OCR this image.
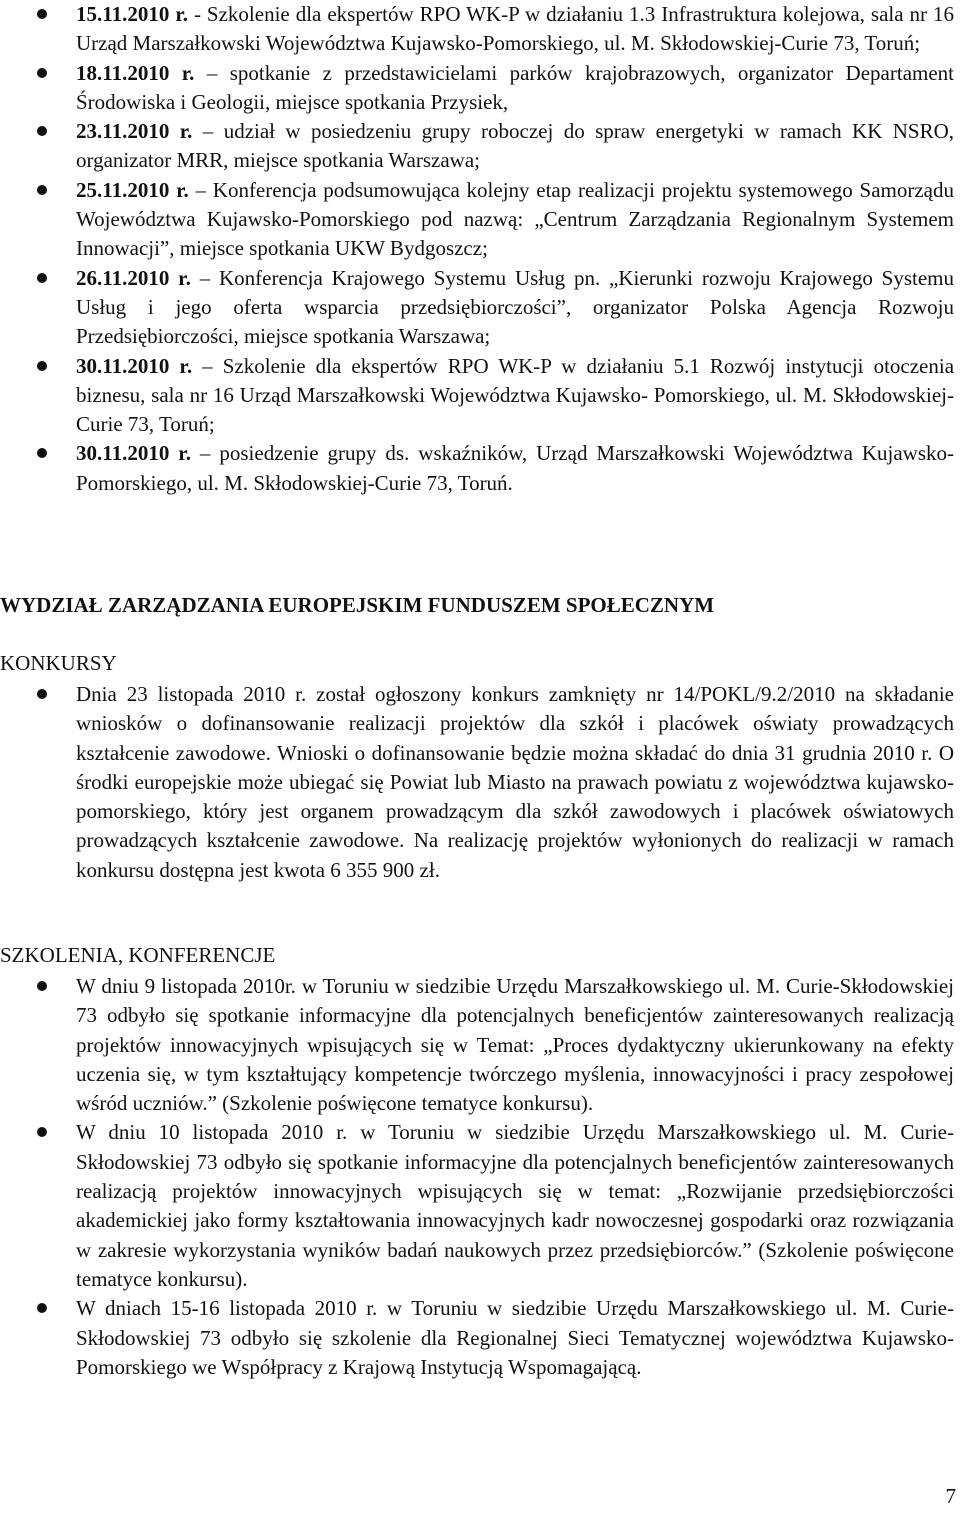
15.11.2010 r. - Szkolenie dla ekspertów RPO WK-P w działaniu 1.3 Infrastruktura kolejowa, sala nr 16 Urząd Marszałkowski Województwa Kujawsko-Pomorskiego, ul. M. Skłodowskiej-Curie 73, Toruń;
18.11.2010 r. – spotkanie z przedstawicielami parków krajobrazowych, organizator Departament Środowiska i Geologii, miejsce spotkania Przysiek,
23.11.2010 r. – udział w posiedzeniu grupy roboczej do spraw energetyki w ramach KK NSRO, organizator MRR, miejsce spotkania Warszawa;
25.11.2010 r. – Konferencja podsumowująca kolejny etap realizacji projektu systemowego Samorządu Województwa Kujawsko-Pomorskiego pod nazwą: „Centrum Zarządzania Regionalnym Systemem Innowacji”, miejsce spotkania UKW Bydgoszcz;
26.11.2010 r. – Konferencja Krajowego Systemu Usług pn. „Kierunki rozwoju Krajowego Systemu Usług i jego oferta wsparcia przedsiębiorczości”, organizator Polska Agencja Rozwoju Przedsiębiorczości, miejsce spotkania Warszawa;
30.11.2010 r. – Szkolenie dla ekspertów RPO WK-P w działaniu 5.1 Rozwój instytucji otoczenia biznesu, sala nr 16 Urząd Marszałkowski Województwa Kujawsko- Pomorskiego, ul. M. Skłodowskiej-Curie 73, Toruń;
30.11.2010 r. – posiedzenie grupy ds. wskaźników, Urząd Marszałkowski Województwa Kujawsko- Pomorskiego, ul. M. Skłodowskiej-Curie 73, Toruń.
WYDZIAŁ ZARZĄDZANIA EUROPEJSKIM FUNDUSZEM SPOŁECZNYM
KONKURSY
Dnia 23 listopada 2010 r. został ogłoszony konkurs zamknięty nr 14/POKL/9.2/2010 na składanie wniosków o dofinansowanie realizacji projektów dla szkół i placówek oświaty prowadzących kształcenie zawodowe. Wnioski o dofinansowanie będzie można składać do dnia 31 grudnia 2010 r. O środki europejskie może ubiegać się Powiat lub Miasto na prawach powiatu z województwa kujawsko-pomorskiego, który jest organem prowadzącym dla szkół zawodowych i placówek oświatowych prowadzących kształcenie zawodowe. Na realizację projektów wyłonionych do realizacji w ramach konkursu dostępna jest kwota 6 355 900 zł.
SZKOLENIA, KONFERENCJE
W dniu 9 listopada 2010r. w Toruniu w siedzibie Urzędu Marszałkowskiego ul. M. Curie-Skłodowskiej 73 odbyło się spotkanie informacyjne dla potencjalnych beneficjentów zainteresowanych realizacją projektów innowacyjnych wpisujących się w Temat: „Proces dydaktyczny ukierunkowany na efekty uczenia się, w tym kształtujący kompetencje twórczego myślenia, innowacyjności i pracy zespołowej wśród uczniów.” (Szkolenie poświęcone tematyce konkursu).
W dniu 10 listopada 2010 r. w Toruniu w siedzibie Urzędu Marszałkowskiego ul. M. Curie-Skłodowskiej 73 odbyło się spotkanie informacyjne dla potencjalnych beneficjentów zainteresowanych realizacją projektów innowacyjnych wpisujących się w temat: „Rozwijanie przedsiębiorczości akademickiej jako formy kształtowania innowacyjnych kadr nowoczesnej gospodarki oraz rozwiązania w zakresie wykorzystania wyników badań naukowych przez przedsiębiorców.” (Szkolenie poświęcone tematyce konkursu).
W dniach 15-16 listopada 2010 r. w Toruniu w siedzibie Urzędu Marszałkowskiego ul. M. Curie-Skłodowskiej 73 odbyło się szkolenie dla Regionalnej Sieci Tematycznej województwa Kujawsko-Pomorskiego we Współpracy z Krajową Instytucją Wspomagającą.
7
